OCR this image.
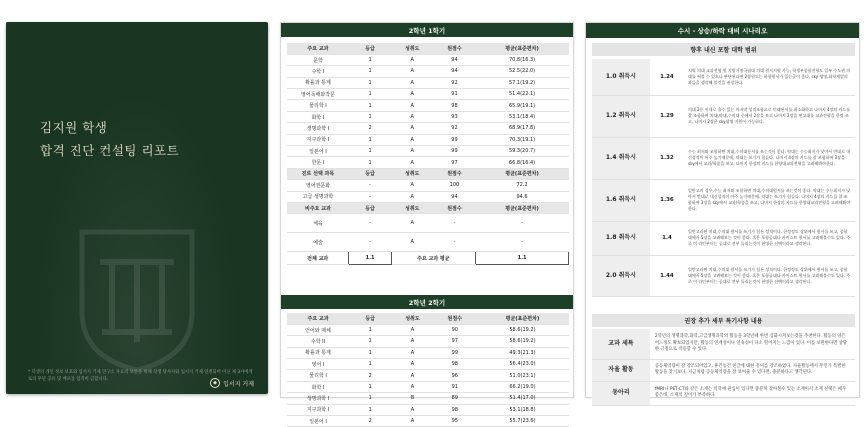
김지원 학생
합격 진단 컨설팅 리포트
* 학생의 개인 정보 보호와 입서지 거제 연구소 자료의 보안을 위해 학생 당사자와 입서지 거제 연결되어 이닌 제 3자에게로의 무단 공유 및 배포를 엄격히 금합니다.
◆	입서지 거제
2학년 1학기
주요 교과	등급	성취도	원점수	평균(표준편차)
문학	1	A	94	70.8(16.3)
수학 I	1	A	94	52.5(22.0)
확률과 통계	1	A	92	57.1(19.2)
영어독해와작문	1	A	91	51.4(22.1)
물리학 I	1	A	98	65.9(19.1)
화학 I	1	A	93	53.1(18.4)
생명과학 I	2	A	92	68.9(17.8)
지구과학 I	1	A	99	70.3(19.1)
일본어 I	1	A	99	59.3(20.7)
한문 I	1	A	97	66.8(16.4)
진로 선택 과목	등급	성취도	원점수	평균(표준편차)
영어권문화	-	A	100	72.2
고급 생명과학	-	A	94	94.6
비주요 교과	등급	성취도	원점수	평균(표준편차)
체육	-	A	-	-
예술	-	A	-	-
전체 교과	1.1	주요 교과 평균		1.1
2학년 2학기
주요 교과	등급	성취도	원점수	평균(표준편차)
언어와 매체	1	A	90	58.6(19.2)
수학 II	1	A	97	58.6(19.2)
확률과 통계	1	A	99	49.3(21.3)
영어 I	1	A	98	56.4(23.0)
물리학 I	2	A	96	51.0(23.1)
화학 I	1	A	91	66.2(19.0)
생명과학 I	1	B	89	51.4(17.0)
지구과학 I	1	A	98	53.1(18.8)
일본어 I	2	A	95	55.7(23.6)
수시 - 상승/하락 대비 시나리오
향후 내신 포함 대학 범위
1.0 취득시	1.24	지역 의대 교과전형 및 지방거점국립대 의대 원서지원 가능, 학생부종합전형도 일부 수도권 의대를 써볼 수 있으나 판단된다면 2합원도는 하향원서가 있는곳이 좋다. sky 생명,화학계열의 과들을 생각해 볼것을 권장한다.
1.2 취득시	1.29	의대 2등 이내로 올수 있는 마지막 성적조합으로 미래된서를 최소화하고 나머지 4장의 카드를 잘 조합하여 치대,약대,수의대 중에서 2장을 쓰고 나머지 2장을 연고대를 교과전형을 한정 쓰고, 나머지 2장은 sky생명 지원이 가능하다.
1.4 취득시	1.32	수능 최저와 조합하면 치대,수의대등서를 쓰는것이 좋다. 약대는 수능최저가 낮아서 반대로 내신성적이 아주 높기때문에, 약대는 쓰기가 힘들다. 나머지 4장의 카드를 잘 조합하여 3장을 sky에서 교과/학종을 쓰고, 나머지 한장의 카드를 한양대교과전형을 고려해봐야한다.
1.6 취득시	1.36	일반고의 경우,수능 최저와 조합하면 치대,수의대원서를 쓰는것이 좋다. 약대는 수능최저가 낮아서 반대로 내신성적이 아주 높기때문에, 약대는 쓰기가 힘들다. 나머지 4장의 카드를 잘 조합하여 3장을 sky에서 교과/학종을 쓰고, 나머지 한장의 카드를 한양대교과전형을 고려해봐야한다.
1.8 취득시	1.4	일반고라면 치대,수의대 원서를 쓰기가 힘든 성적이다. 한정정도 상위에서 원서를 쓰고, 종합대에서 5장을 고려해보는 것이 좋다. 혹은 포함공대나 카이스트 원서를 고려해볼수도 있다. 주로 이 라인부터는 공대로 전부 돌리는것이 현명한 선택이라고 생각된다.
2.0 취득시	1.44	일반고라면 치대,수의대 원서를 쓰기가 힘든 성적이다. 한정정도 상위에서 원서를 쓰고, 종합대에서 5장을 고려해보는 것이 좋다. 혹은 포함공대나 카이스트 원서를 고려해볼수도 있다. 주로 이 라인부터는 공대로 전부 돌리는것이 현명한 선택이라고 생각된다.
권장 추가 세부 특기사항 내용
교과 세특	2학년의 생명과학,화학,고급생명과학의 활동을 3학년때 한번 심화시켜보는것을 추천한다. 활동의 양은 어느정도 확보되었지만, 활동의 연계성이나 연속성이 다소 떨어지는 느낌이 있다. 이를 보완한다면 상당한 긍정으로 작용할 수 있다.
자율 활동	공동체역량이 잘 강조되어있고, 휴긴동건 친글에 대한 흥미를 강조하였다. 자율활동에서 무언가 특별한 활동을 찾기보다, 지금처럼 공동체역량을 잘 보여줄 수 있다면, 충분하다고 생각된다.
동아리	fMRI나 PET-CT와 같은 소재는 의학에 관심이 있다면 충분히 찾아볼수 있는 소재이서 소재 선택은 매우 좋은데, 소재의 깊이가 부족하다.
